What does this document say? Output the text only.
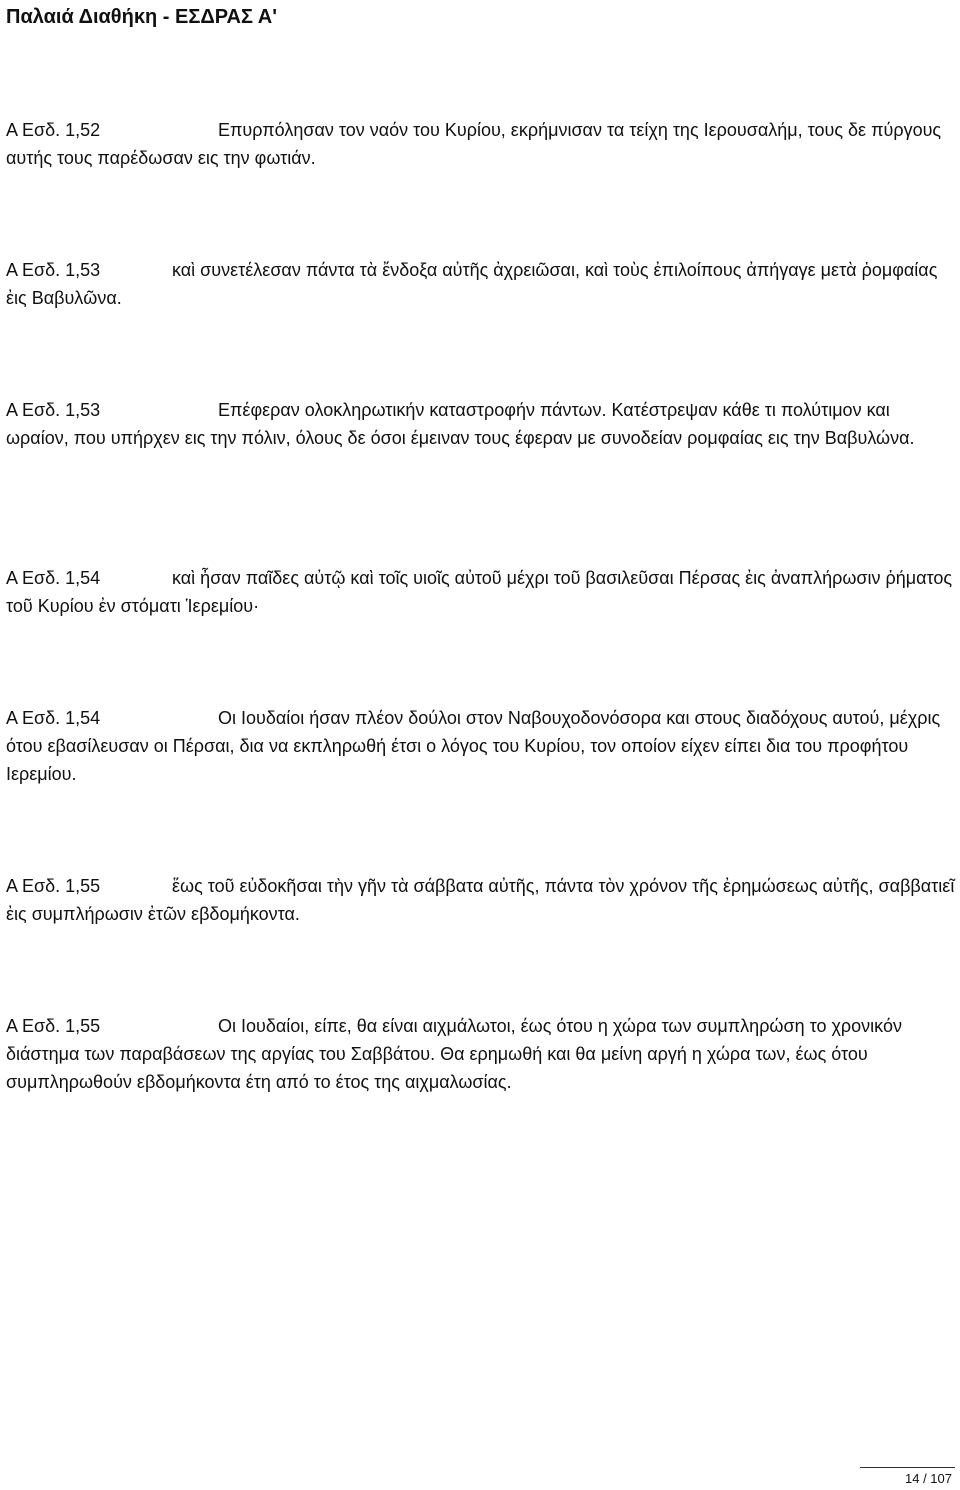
Παλαιά Διαθήκη - ΕΣΔΡΑΣ Α'

Α Εσδ. 1,52	Επυρπόλησαν τον ναόν του Κυρίου, εκρήμνισαν τα τείχη της Ιερουσαλήμ, τους δε πύργους αυτής τους παρέδωσαν εις την φωτιάν.

Α Εσδ. 1,53	καὶ συνετέλεσαν πάντα τὰ ἔνδοξα αὐτῆς ἀχρειῶσαι, καὶ τοὺς ἐπιλοίπους ἀπήγαγε μετὰ ῥομφαίας ἐις Βαβυλῶνα.

Α Εσδ. 1,53	Επέφεραν ολοκληρωτικήν καταστροφήν πάντων. Κατέστρεψαν κάθε τι πολύτιμον και ωραίον, που υπήρχεν εις την πόλιν, όλους δε όσοι έμειναν τους έφεραν με συνοδείαν ρομφαίας εις την Βαβυλώνα.

Α Εσδ. 1,54	καὶ ἦσαν παῖδες αὐτῷ καὶ τοῖς υιοῖς αὐτοῦ μέχρι τοῦ βασιλεῦσαι Πέρσας ἐις ἀναπλήρωσιν ῥήματος τοῦ Κυρίου ἐν στόματι Ἱερεμίου·

Α Εσδ. 1,54	Οι Ιουδαίοι ήσαν πλέον δούλοι στον Ναβουχοδονόσορα και στους διαδόχους αυτού, μέχρις ότου εβασίλευσαν οι Πέρσαι, δια να εκπληρωθή έτσι ο λόγος του Κυρίου, τον οποίον είχεν είπει δια του προφήτου Ιερεμίου.

Α Εσδ. 1,55	ἕως τοῦ εὐδοκῆσαι τὴν γῆν τὰ σάββατα αὐτῆς, πάντα τὸν χρόνον τῆς ἐρημώσεως αὐτῆς, σαββατιεῖ ἐις συμπλήρωσιν ἐτῶν εβδομήκοντα.

Α Εσδ. 1,55	Οι Ιουδαίοι, είπε, θα είναι αιχμάλωτοι, έως ότου η χώρα των συμπληρώση το χρονικόν διάστημα των παραβάσεων της αργίας του Σαββάτου. Θα ερημωθή και θα μείνη αργή η χώρα των, έως ότου συμπληρωθούν εβδομήκοντα έτη από το έτος της αιχμαλωσίας.

14 / 107
